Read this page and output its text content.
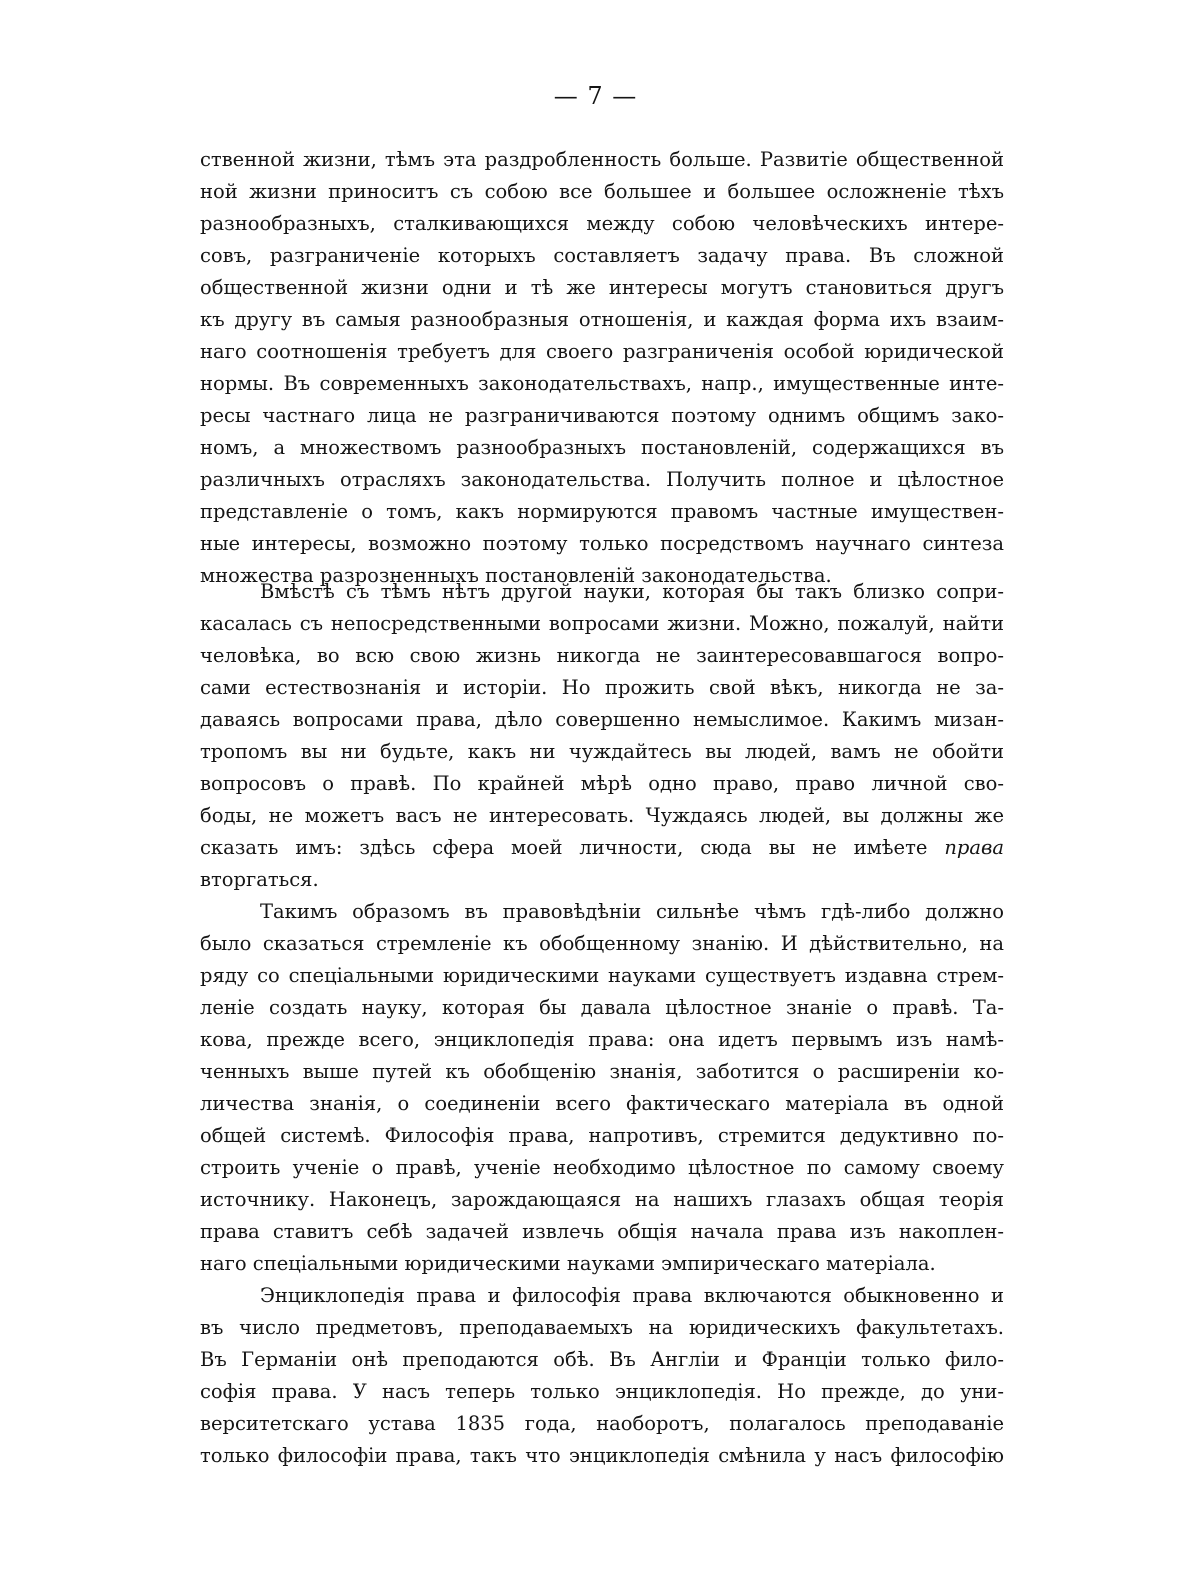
— 7 —
ственной жизни, тѣмъ эта раздробленность больше. Развитіе общественной
ной жизни приноситъ съ собою все большее и большее осложненіе тѣхъ
разнообразныхъ, сталкивающихся между собою человѣческихъ интере-
совъ, разграниченіе которыхъ составляетъ задачу права. Въ сложной
общественной жизни одни и тѣ же интересы могутъ становиться другъ
къ другу въ самыя разнообразныя отношенія, и каждая форма ихъ взаим-
наго соотношенія требуетъ для своего разграниченія особой юридической
нормы. Въ современныхъ законодательствахъ, напр., имущественные инте-
ресы частнаго лица не разграничиваются поэтому однимъ общимъ зако-
номъ, а множествомъ разнообразныхъ постановленій, содержащихся въ
различныхъ отрасляхъ законодательства. Получить полное и цѣлостное
представленіе о томъ, какъ нормируются правомъ частные имуществен-
ные интересы, возможно поэтому только посредствомъ научнаго синтеза
множества разрозненныхъ постановленій законодательства.
Вмѣстѣ съ тѣмъ нѣтъ другой науки, которая бы такъ близко сопри-
касалась съ непосредственными вопросами жизни. Можно, пожалуй, найти
человѣка, во всю свою жизнь никогда не заинтересовавшагося вопро-
сами естествознанія и исторіи. Но прожить свой вѣкъ, никогда не за-
даваясь вопросами права, дѣло совершенно немыслимое. Какимъ мизан-
тропомъ вы ни будьте, какъ ни чуждайтесь вы людей, вамъ не обойти
вопросовъ о правѣ. По крайней мѣрѣ одно право, право личной сво-
боды, не можетъ васъ не интересовать. Чуждаясь людей, вы должны же
сказать имъ: здѣсь сфера моей личности, сюда вы не имѣете права
вторгаться.
Такимъ образомъ въ правовѣдѣніи сильнѣе чѣмъ гдѣ-либо должно
было сказаться стремленіе къ обобщенному знанію. И дѣйствительно, на
ряду со спеціальными юридическими науками существуетъ издавна стрем-
леніе создать науку, которая бы давала цѣлостное знаніе о правѣ. Та-
кова, прежде всего, энциклопедія права: она идетъ первымъ изъ намѣ-
ченныхъ выше путей къ обобщенію знанія, заботится о расширеніи ко-
личества знанія, о соединеніи всего фактическаго матеріала въ одной
общей системѣ. Философія права, напротивъ, стремится дедуктивно по-
строить ученіе о правѣ, ученіе необходимо цѣлостное по самому своему
источнику. Наконецъ, зарождающаяся на нашихъ глазахъ общая теорія
права ставитъ себѣ задачей извлечь общія начала права изъ накоплен-
наго спеціальными юридическими науками эмпирическаго матеріала.
Энциклопедія права и философія права включаются обыкновенно и
въ число предметовъ, преподаваемыхъ на юридическихъ факультетахъ.
Въ Германіи онѣ преподаются обѣ. Въ Англіи и Франціи только фило-
софія права. У насъ теперь только энциклопедія. Но прежде, до уни-
верситетскаго устава 1835 года, наоборотъ, полагалось преподаваніе
только философіи права, такъ что энциклопедія смѣнила у насъ философію
